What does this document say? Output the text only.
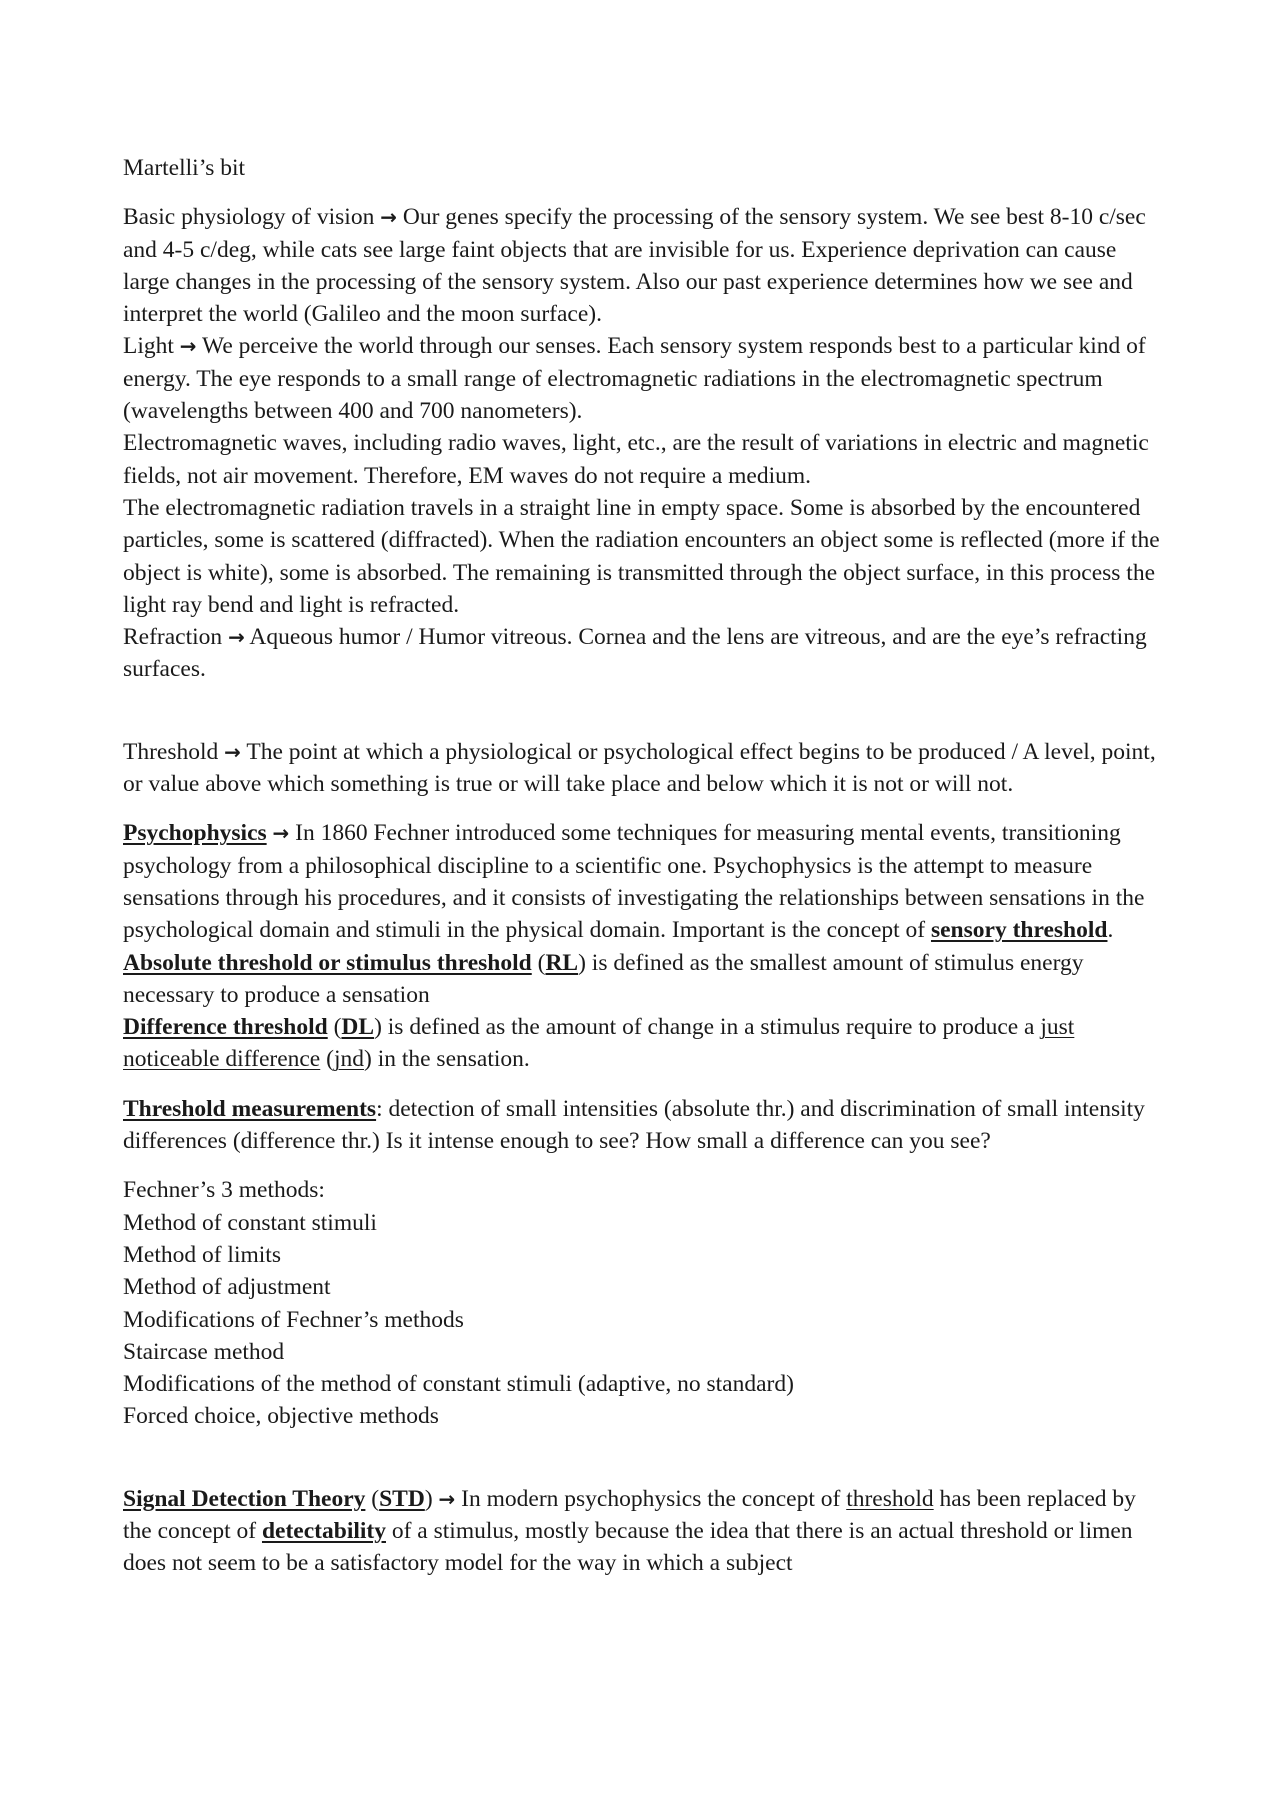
Martelli’s bit

Basic physiology of vision → Our genes specify the processing of the sensory system. We see best 8-10 c/sec and 4-5 c/deg, while cats see large faint objects that are invisible for us. Experience deprivation can cause large changes in the processing of the sensory system. Also our past experience determines how we see and interpret the world (Galileo and the moon surface).
Light → We perceive the world through our senses. Each sensory system responds best to a particular kind of energy. The eye responds to a small range of electromagnetic radiations in the electromagnetic spectrum (wavelengths between 400 and 700 nanometers).
Electromagnetic waves, including radio waves, light, etc., are the result of variations in electric and magnetic fields, not air movement. Therefore, EM waves do not require a medium.
The electromagnetic radiation travels in a straight line in empty space. Some is absorbed by the encountered particles, some is scattered (diffracted). When the radiation encounters an object some is reflected (more if the object is white), some is absorbed. The remaining is transmitted through the object surface, in this process the light ray bend and light is refracted.
Refraction → Aqueous humor / Humor vitreous. Cornea and the lens are vitreous, and are the eye’s refracting surfaces.

Threshold → The point at which a physiological or psychological effect begins to be produced / A level, point, or value above which something is true or will take place and below which it is not or will not.

Psychophysics → In 1860 Fechner introduced some techniques for measuring mental events, transitioning psychology from a philosophical discipline to a scientific one. Psychophysics is the attempt to measure sensations through his procedures, and it consists of investigating the relationships between sensations in the psychological domain and stimuli in the physical domain. Important is the concept of sensory threshold.
Absolute threshold or stimulus threshold (RL) is defined as the smallest amount of stimulus energy necessary to produce a sensation
Difference threshold (DL) is defined as the amount of change in a stimulus require to produce a just noticeable difference (jnd) in the sensation.

Threshold measurements: detection of small intensities (absolute thr.) and discrimination of small intensity differences (difference thr.) Is it intense enough to see? How small a difference can you see?

Fechner’s 3 methods:
Method of constant stimuli
Method of limits
Method of adjustment
Modifications of Fechner’s methods
Staircase method
Modifications of the method of constant stimuli (adaptive, no standard)
Forced choice, objective methods

Signal Detection Theory (STD) → In modern psychophysics the concept of threshold has been replaced by the concept of detectability of a stimulus, mostly because the idea that there is an actual threshold or limen does not seem to be a satisfactory model for the way in which a subject
